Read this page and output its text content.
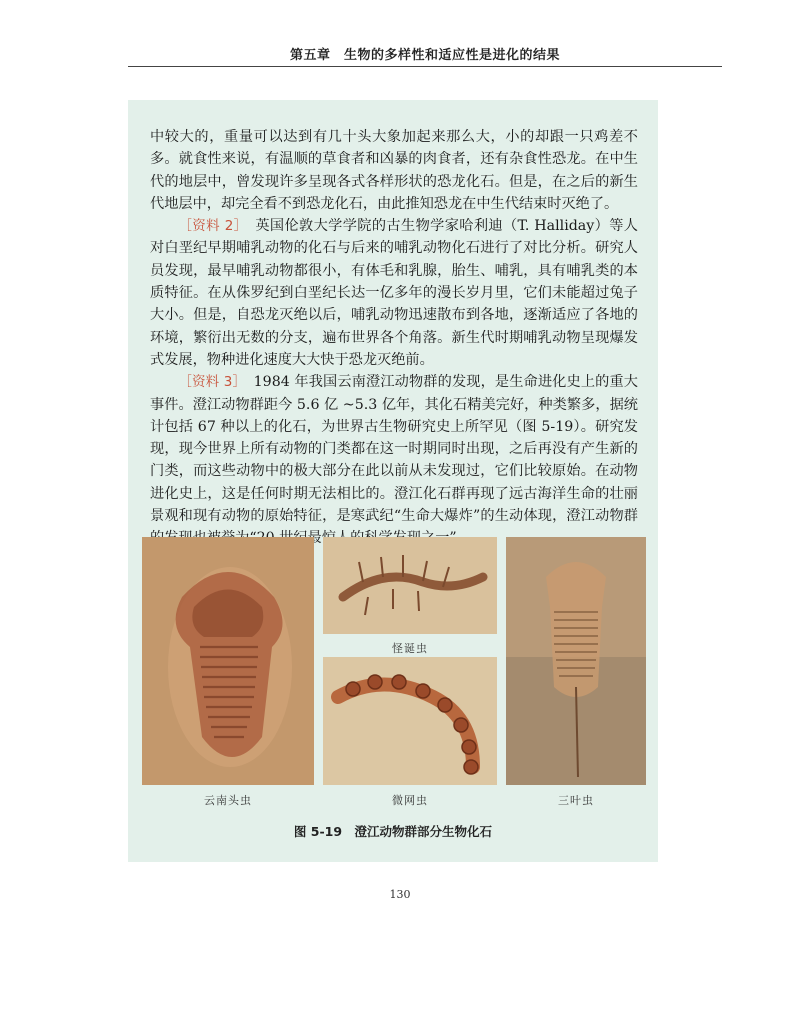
第五章　生物的多样性和适应性是进化的结果

中较大的，重量可以达到有几十头大象加起来那么大，小的却跟一只鸡差不多。就食性来说，有温顺的草食者和凶暴的肉食者，还有杂食性恐龙。在中生代的地层中，曾发现许多呈现各式各样形状的恐龙化石。但是，在之后的新生代地层中，却完全看不到恐龙化石，由此推知恐龙在中生代结束时灭绝了。

［资料 2］　 英国伦敦大学学院的古生物学家哈利迪（T. Halliday）等人对白垩纪早期哺乳动物的化石与后来的哺乳动物化石进行了对比分析。研究人员发现，最早哺乳动物都很小，有体毛和乳腺，胎生、哺乳，具有哺乳类的本质特征。在从侏罗纪到白垩纪长达一亿多年的漫长岁月里，它们未能超过兔子大小。但是，自恐龙灭绝以后，哺乳动物迅速散布到各地，逐渐适应了各地的环境，繁衍出无数的分支，遍布世界各个角落。新生代时期哺乳动物呈现爆发式发展，物种进化速度大大快于恐龙灭绝前。

［资料 3］　 1984 年我国云南澄江动物群的发现，是生命进化史上的重大事件。澄江动物群距今 5.6 亿 ~5.3 亿年，其化石精美完好，种类繁多，据统计包括 67 种以上的化石，为世界古生物研究史上所罕见（图 5-19）。研究发现，现今世界上所有动物的门类都在这一时期同时出现，之后再没有产生新的门类，而这些动物中的极大部分在此以前从未发现过，它们比较原始。在动物进化史上，这是任何时期无法相比的。澄江化石群再现了远古海洋生命的壮丽景观和现有动物的原始特征，是寒武纪“生命大爆炸”的生动体现，澄江动物群

云南头虫
怪诞虫
微网虫	三叶虫
图 5-19　澄江动物群部分生物化石
130
